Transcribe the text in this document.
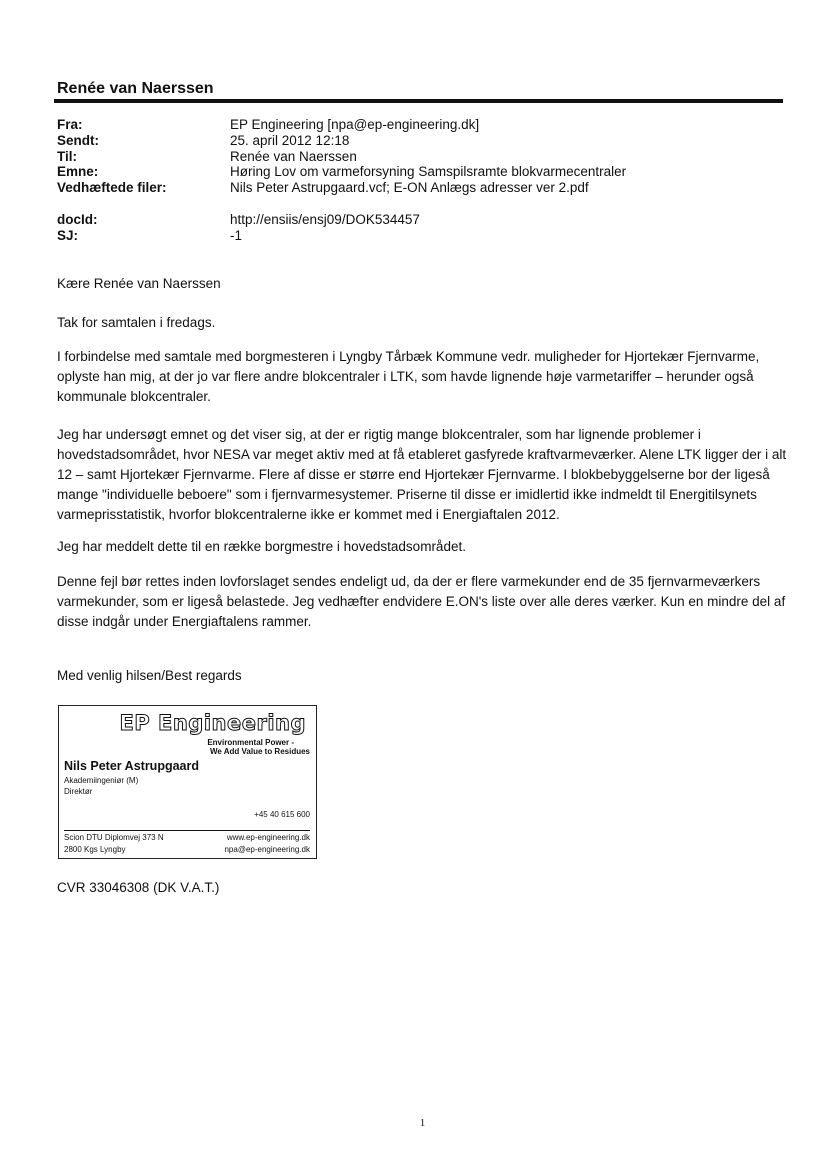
Renée van Naerssen
Fra:	EP Engineering [npa@ep-engineering.dk]
Sendt:	25. april 2012 12:18
Til:	Renée van Naerssen
Emne:	Høring Lov om varmeforsyning Samspilsramte blokvarmecentraler
Vedhæftede filer:	Nils Peter Astrupgaard.vcf; E-ON Anlægs adresser ver 2.pdf
docId:	http://ensiis/ensj09/DOK534457
SJ:	-1
Kære Renée van Naerssen
Tak for samtalen i fredags.
I forbindelse med samtale med borgmesteren i Lyngby Tårbæk Kommune vedr. muligheder for Hjortekær Fjernvarme, oplyste han mig, at der jo var flere andre blokcentraler i LTK, som havde lignende høje varmetariffer – herunder også kommunale blokcentraler.
Jeg har undersøgt emnet og det viser sig, at der er rigtig mange blokcentraler, som har lignende problemer i hovedstadsområdet, hvor NESA var meget aktiv med at få etableret gasfyrede kraftvarmeværker. Alene LTK ligger der i alt 12 – samt Hjortekær Fjernvarme. Flere af disse er større end Hjortekær Fjernvarme. I blokbebyggelserne bor der ligeså mange "individuelle beboere" som i fjernvarmesystemer. Priserne til disse er imidlertid ikke indmeldt til Energitilsynets varmeprisstatistik, hvorfor blokcentralerne ikke er kommet med i Energiaftalen 2012.
Jeg har meddelt dette til en række borgmestre i hovedstadsområdet.
Denne fejl bør rettes inden lovforslaget sendes endeligt ud, da der er flere varmekunder end de 35 fjernvarmeværkers varmekunder, som er ligeså belastede. Jeg vedhæfter endvidere E.ON's liste over alle deres værker. Kun en mindre del af disse indgår under Energiaftalens rammer.
Med venlig hilsen/Best regards
EP Engineering
Environmental Power -
We Add Value to Residues
Nils Peter Astrupgaard
Akademiingeniør (M)
Direktør
+45 40 615 600
Scion DTU Diplomvej 373 N
2800 Kgs Lyngby
www.ep-engineering.dk
npa@ep-engineering.dk
CVR 33046308 (DK V.A.T.)
1
